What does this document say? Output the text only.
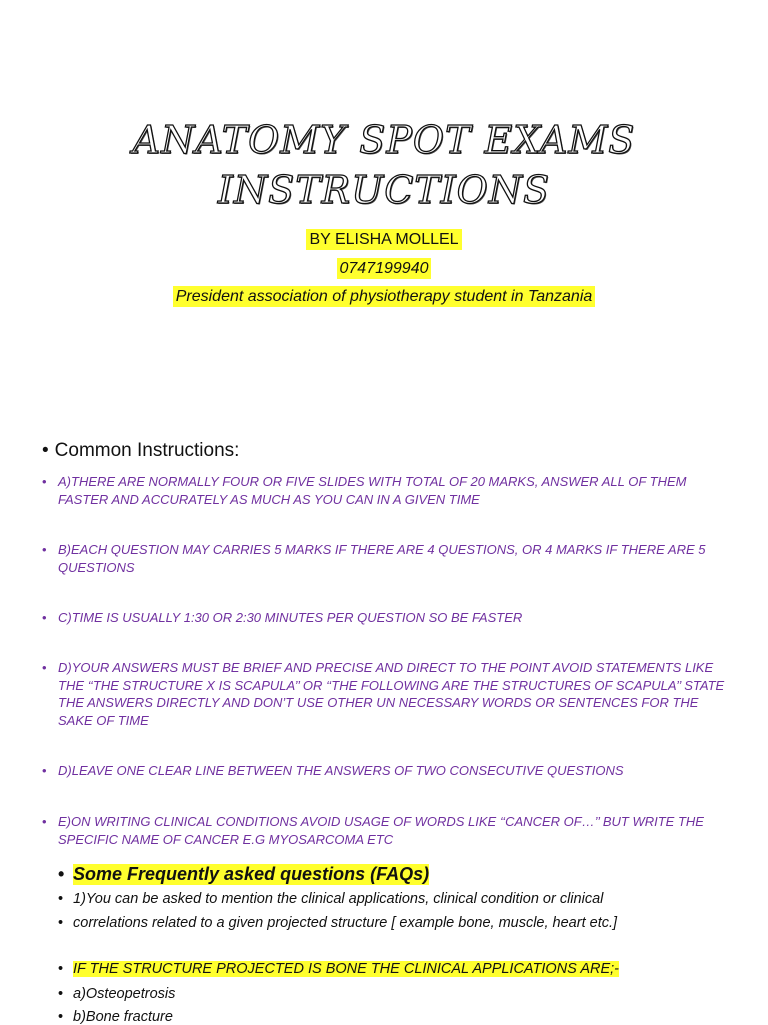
ANATOMY SPOT EXAMS
INSTRUCTIONS
BY ELISHA MOLLEL
0747199940
President association of physiotherapy student in Tanzania
• Common Instructions:
• A)THERE ARE NORMALLY FOUR OR FIVE SLIDES WITH TOTAL OF 20 MARKS, ANSWER ALL OF THEM FASTER AND ACCURATELY AS MUCH AS YOU CAN IN A GIVEN TIME
• B)EACH QUESTION MAY CARRIES 5 MARKS IF THERE ARE 4 QUESTIONS, OR 4 MARKS IF THERE ARE 5 QUESTIONS
• C)TIME IS USUALLY 1:30 OR 2:30 MINUTES PER QUESTION SO BE FASTER
• D)YOUR ANSWERS MUST BE BRIEF AND PRECISE AND DIRECT TO THE POINT AVOID STATEMENTS LIKE THE ‘‘THE STRUCTURE X IS SCAPULA’’ OR ‘‘THE FOLLOWING ARE THE STRUCTURES OF SCAPULA’’ STATE THE ANSWERS DIRECTLY AND DON’T USE OTHER UN NECESSARY WORDS OR SENTENCES FOR THE SAKE OF TIME
• D)LEAVE ONE CLEAR LINE BETWEEN THE ANSWERS OF TWO CONSECUTIVE QUESTIONS
• E)ON WRITING CLINICAL CONDITIONS AVOID USAGE OF WORDS LIKE ‘‘CANCER OF…’’ BUT WRITE THE SPECIFIC NAME OF CANCER E.G MYOSARCOMA ETC
• Some Frequently asked questions (FAQs)
• 1)You can be asked to mention the clinical applications, clinical condition or clinical
• correlations related to a given projected structure [ example bone, muscle, heart etc.]
• IF THE STRUCTURE PROJECTED IS BONE THE CLINICAL APPLICATIONS ARE;-
• a)Osteopetrosis
• b)Bone fracture
